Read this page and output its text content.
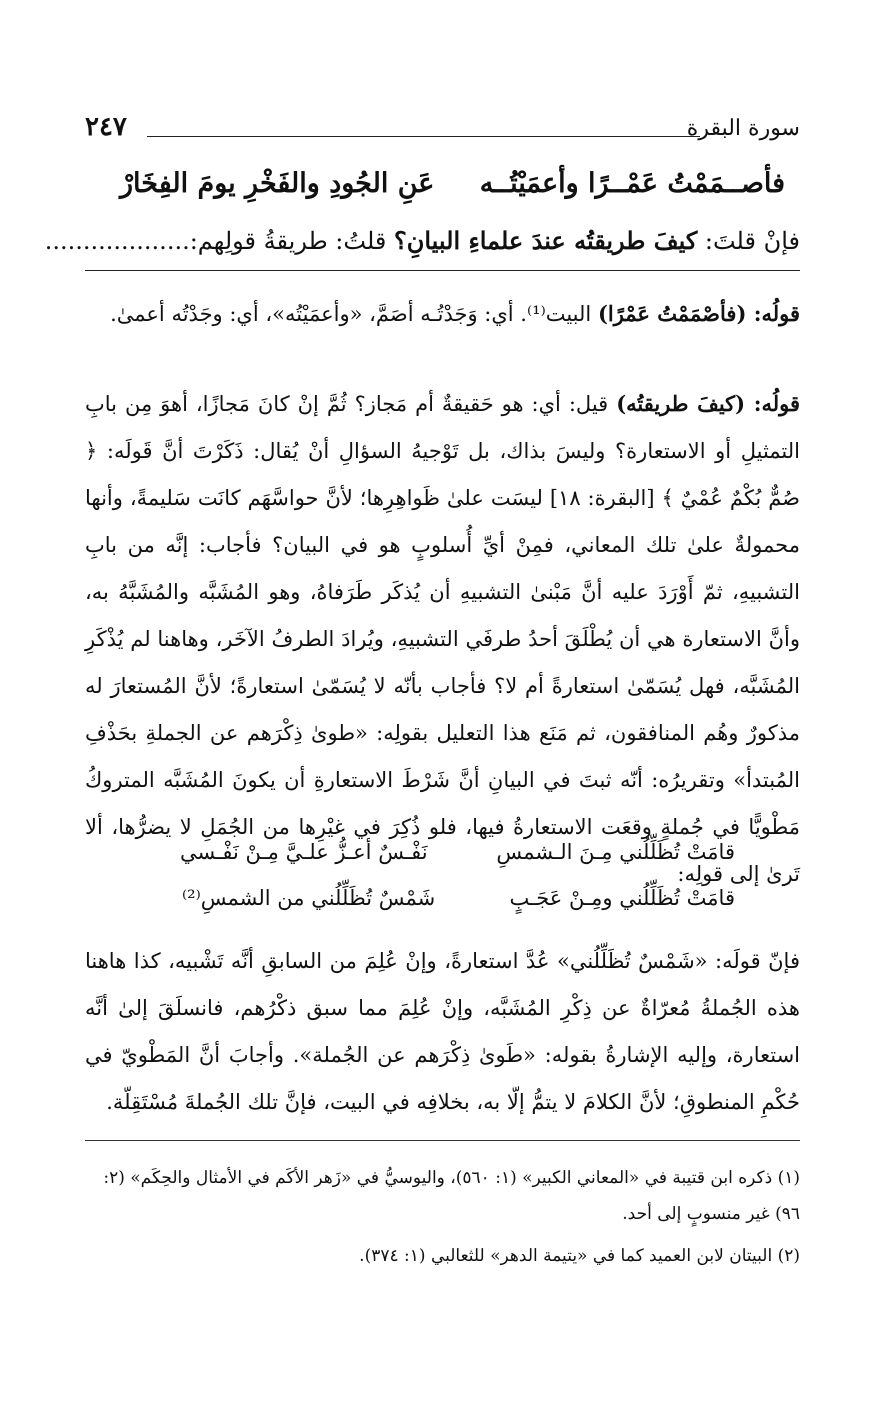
سورة البقرة
٢٤٧
فأصــمَمْتُ عَمْــرًا وأعمَيْتُــه
عَنِ الجُودِ والفَخْرِ يومَ الفِخَارْ
فإنْ قلتَ: كيفَ طريقتُه عندَ علماءِ البيانِ؟ قلتُ: طريقةُ قولِهم:...................
قولُه: (فأصْمَمْتُ عَمْرًا) البيت⁽¹⁾. أي: وَجَدْتُـه أصَمَّ، «وأعمَيْتُه»، أي: وجَدْتُه أعمىٰ.
قولُه: (كيفَ طريقتُه) قيل: أي: هو حَقيقةٌ أم مَجاز؟ ثُمَّ إنْ كانَ مَجازًا، أهوَ مِن بابِ التمثيلِ أو الاستعارة؟ وليسَ بذاك، بل تَوْجيهُ السؤالِ أنْ يُقال: ذَكَرْتَ أنَّ قَولَه: ﴿ صُمٌّ بُكْمٌ عُمْيٌ ﴾ [البقرة: ١٨] ليسَت علىٰ ظَواهِرِها؛ لأنَّ حواسَّهَم كانَت سَليمةً، وأنها محمولةٌ علىٰ تلك المعاني، فمِنْ أيِّ أُسلوبٍ هو في البيان؟ فأجاب: إنَّه من بابِ التشبيهِ، ثمّ أَوْرَدَ عليه أنَّ مَبْنىٰ التشبيهِ أن يُذكَر طَرَفاهُ، وهو المُشَبَّه والمُشَبَّهُ به، وأنَّ الاستعارة هي أن يُطْلَقَ أحدُ طرفَي التشبيهِ، ويُرادَ الطرفُ الآخَر، وهاهنا لم يُذْكَرِ المُشَبَّه، فهل يُسَمّىٰ استعارةً أم لا؟ فأجاب بأنّه لا يُسَمّىٰ استعارةً؛ لأنَّ المُستعارَ له مذكورٌ وهُم المنافقون، ثم مَنَع هذا التعليل بقولِه: «طوىٰ ذِكْرَهم عن الجملةِ بحَذْفِ المُبتدأ» وتقريرُه: أنّه ثبتَ في البيانِ أنَّ شَرْطَ الاستعارةِ أن يكونَ المُشَبَّه المتروكُ مَطْويًّا في جُملةٍ وقعَت الاستعارةُ فيها، فلو ذُكِرَ في غيْرِها من الجُمَلِ لا يضرُّها، ألا تَرىٰ إلى قولِه:
قامَتْ تُظَلِّلُني مِـنَ الـشمسِ
نَفْـسٌ أعـزُّ علـيَّ مِـنْ نَفْـسي
قامَتْ تُظَلِّلُني ومِـنْ عَجَـبٍ
شَمْسٌ تُظَلِّلُني من الشمسِ⁽²⁾
فإنّ قولَه: «شَمْسٌ تُظَلِّلُني» عُدَّ استعارةً، وإنْ عُلِمَ من السابقِ أنَّه تَشْبيه، كذا هاهنا هذه الجُملةُ مُعرّاةٌ عن ذِكْرِ المُشَبَّه، وإنْ عُلِمَ مما سبق ذكْرُهم، فانسلَقَ إلىٰ أنَّه استعارة، وإليه الإشارةُ بقوله: «طَوىٰ ذِكْرَهم عن الجُملة». وأجابَ أنَّ المَطْويّ في حُكْمِ المنطوقِ؛ لأنَّ الكلامَ لا يتمُّ إلّا به، بخلافِه في البيت، فإنَّ تلك الجُملةَ مُسْتَقِلّة.
(١) ذكره ابن قتيبة في «المعاني الكبير» (١: ٥٦٠)، واليوسيُّ في «زَهر الأكَم في الأمثال والحِكَم» (٢: ٩٦) غير منسوبٍ إلى أحد.
(٢) البيتان لابن العميد كما في «يتيمة الدهر» للثعالبي (١: ٣٧٤).
